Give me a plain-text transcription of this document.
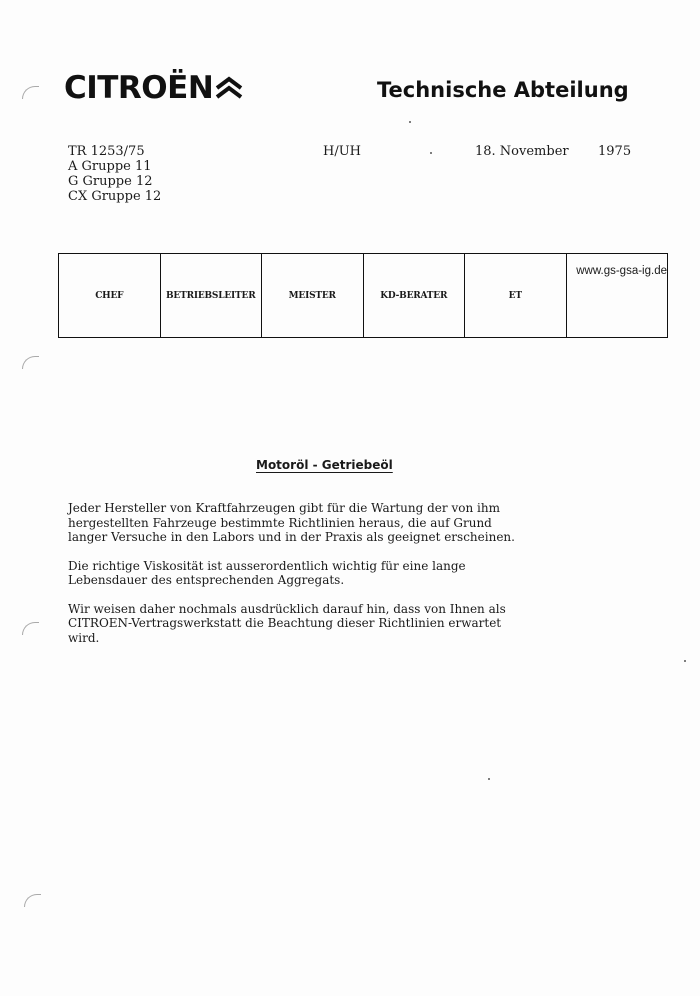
CITROËN	Technische Abteilung
TR 1253/75
A Gruppe 11
G Gruppe 12
CX Gruppe 12
H/UH	18. November 1975
CHEF	BETRIEBSLEITER	MEISTER	KD-BERATER	ET	www.gs-gsa-ig.de
Motoröl - Getriebeöl

Jeder Hersteller von Kraftfahrzeugen gibt für die Wartung der von ihm
hergestellten Fahrzeuge bestimmte Richtlinien heraus, die auf Grund
langer Versuche in den Labors und in der Praxis als geeignet erscheinen.

Die richtige Viskosität ist ausserordentlich wichtig für eine lange
Lebensdauer des entsprechenden Aggregats.

Wir weisen daher nochmals ausdrücklich darauf hin, dass von Ihnen als
CITROEN-Vertragswerkstatt die Beachtung dieser Richtlinien erwartet
wird.
